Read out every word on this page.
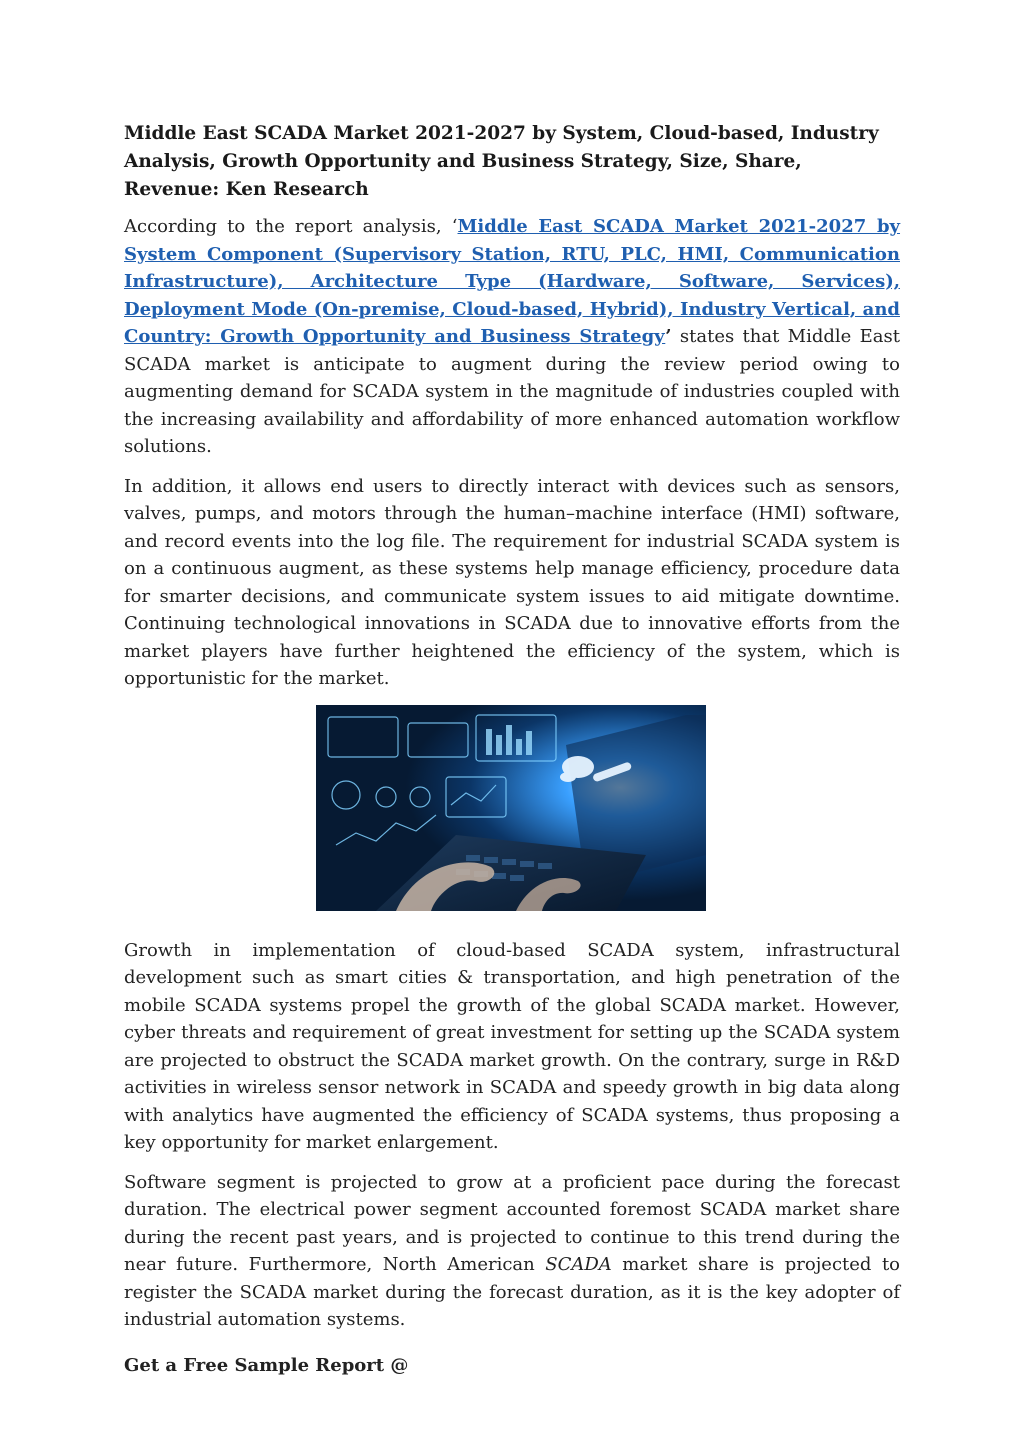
Middle East SCADA Market 2021-2027 by System, Cloud-based, Industry Analysis, Growth Opportunity and Business Strategy, Size, Share, Revenue: Ken Research

According to the report analysis, ‘Middle East SCADA Market 2021-2027 by System Component (Supervisory Station, RTU, PLC, HMI, Communication Infrastructure), Architecture Type (Hardware, Software, Services), Deployment Mode (On-premise, Cloud-based, Hybrid), Industry Vertical, and Country: Growth Opportunity and Business Strategy’ states that Middle East SCADA market is anticipate to augment during the review period owing to augmenting demand for SCADA system in the magnitude of industries coupled with the increasing availability and affordability of more enhanced automation workflow solutions.

In addition, it allows end users to directly interact with devices such as sensors, valves, pumps, and motors through the human–machine interface (HMI) software, and record events into the log file. The requirement for industrial SCADA system is on a continuous augment, as these systems help manage efficiency, procedure data for smarter decisions, and communicate system issues to aid mitigate downtime. Continuing technological innovations in SCADA due to innovative efforts from the market players have further heightened the efficiency of the system, which is opportunistic for the market.

Growth in implementation of cloud-based SCADA system, infrastructural development such as smart cities & transportation, and high penetration of the mobile SCADA systems propel the growth of the global SCADA market. However, cyber threats and requirement of great investment for setting up the SCADA system are projected to obstruct the SCADA market growth. On the contrary, surge in R&D activities in wireless sensor network in SCADA and speedy growth in big data along with analytics have augmented the efficiency of SCADA systems, thus proposing a key opportunity for market enlargement.

Software segment is projected to grow at a proficient pace during the forecast duration. The electrical power segment accounted foremost SCADA market share during the recent past years, and is projected to continue to this trend during the near future. Furthermore, North American SCADA market share is projected to register the SCADA market during the forecast duration, as it is the key adopter of industrial automation systems.

Get a Free Sample Report @
